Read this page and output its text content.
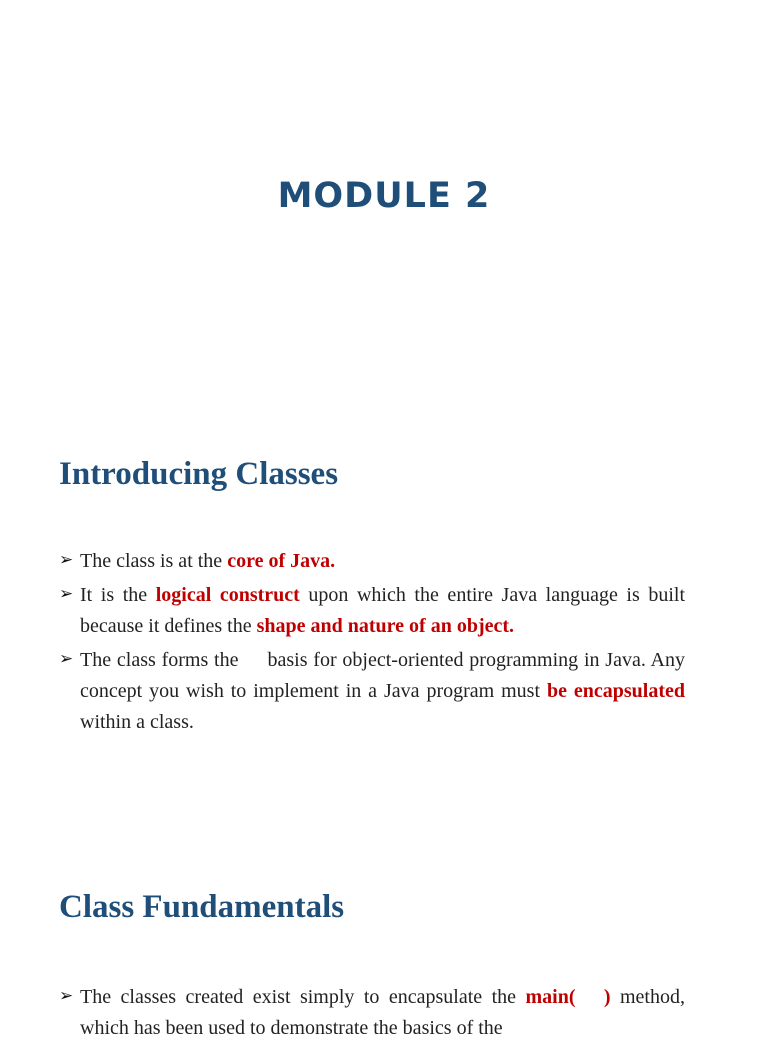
MODULE 2
Introducing Classes
➢ The class is at the core of Java.
➢ It is the logical construct upon which the entire Java language is built because it defines the shape and nature of an object.
➢ The class forms the     basis for object-oriented programming in Java. Any concept you wish to implement in a Java program must be encapsulated within a class.
Class Fundamentals
➢ The classes created exist simply to encapsulate the main(   ) method, which has been used to demonstrate the basics of the
